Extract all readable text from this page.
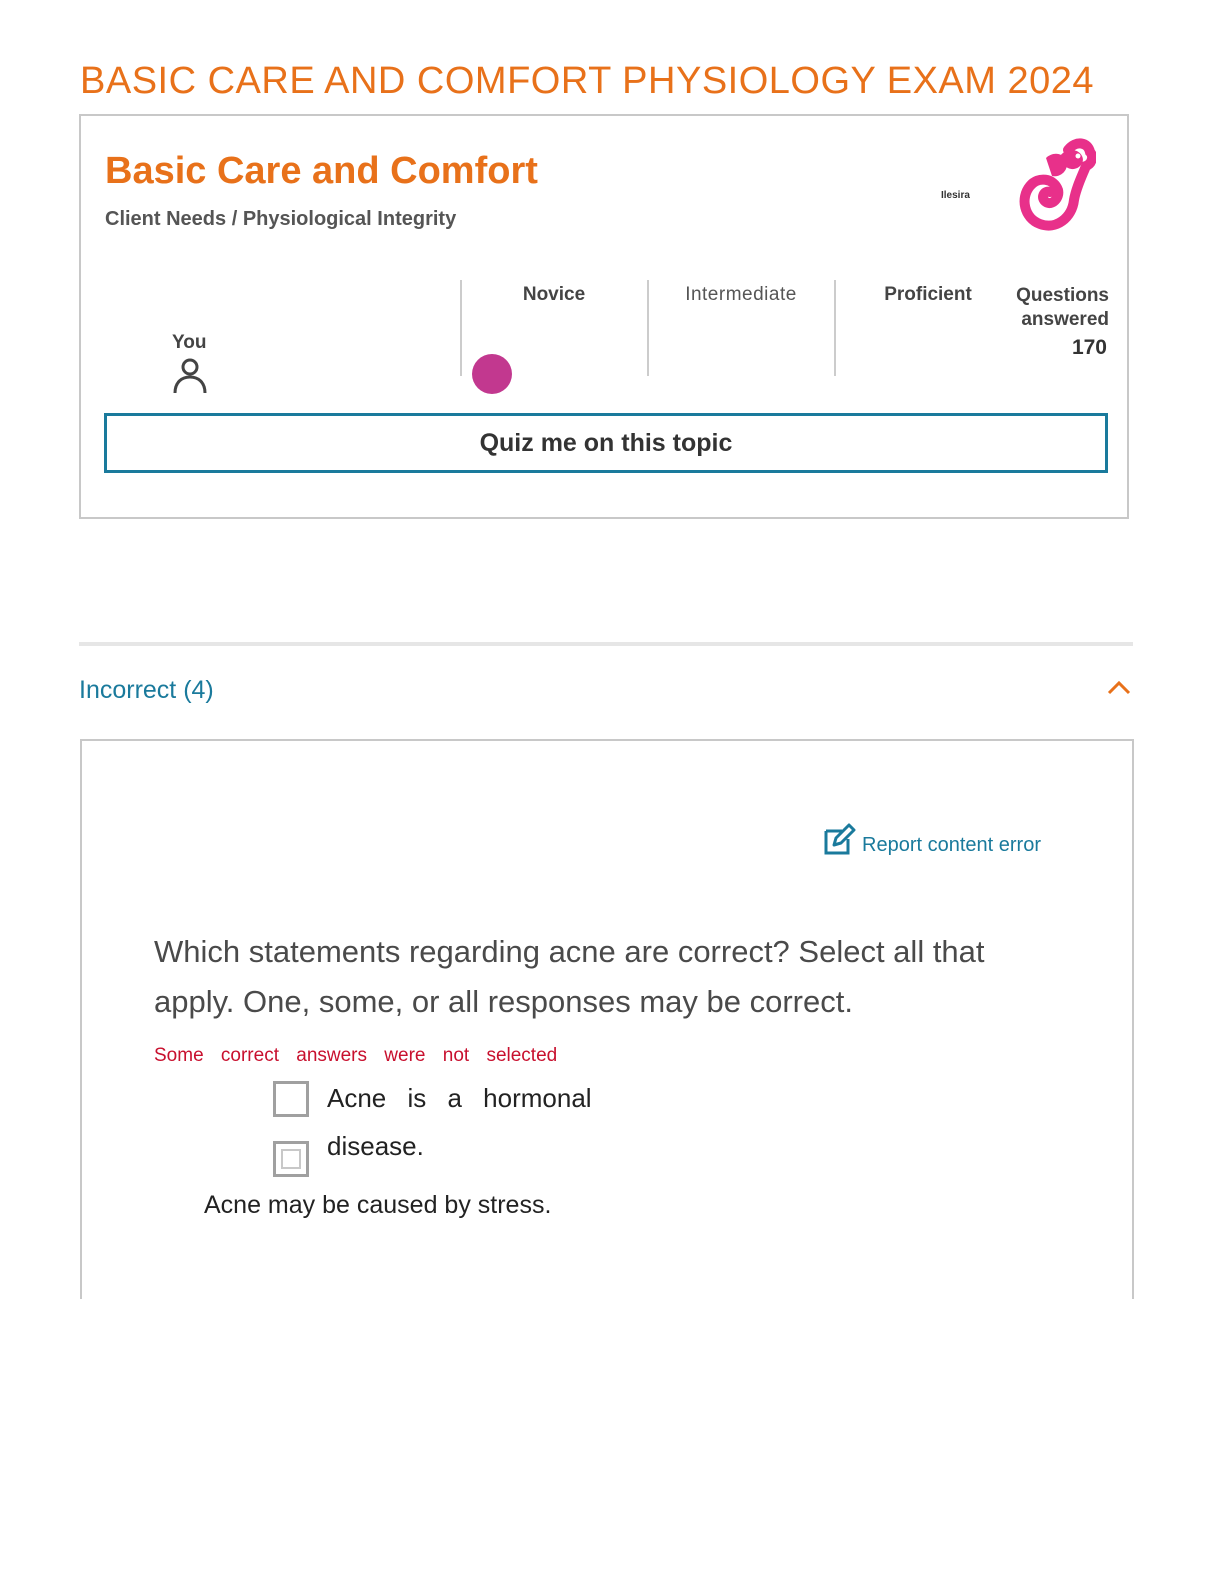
BASIC CARE AND COMFORT PHYSIOLOGY EXAM 2024
Basic Care and Comfort
Client Needs / Physiological Integrity
Ilesira
You
Novice	Intermediate	Proficient	Questions answered
170
Quiz me on this topic
Incorrect (4)
Report content error
Which statements regarding acne are correct? Select all that apply. One, some, or all responses may be correct.
Some correct answers were not selected
Acne is a hormonal
disease.
Acne may be caused by stress.
